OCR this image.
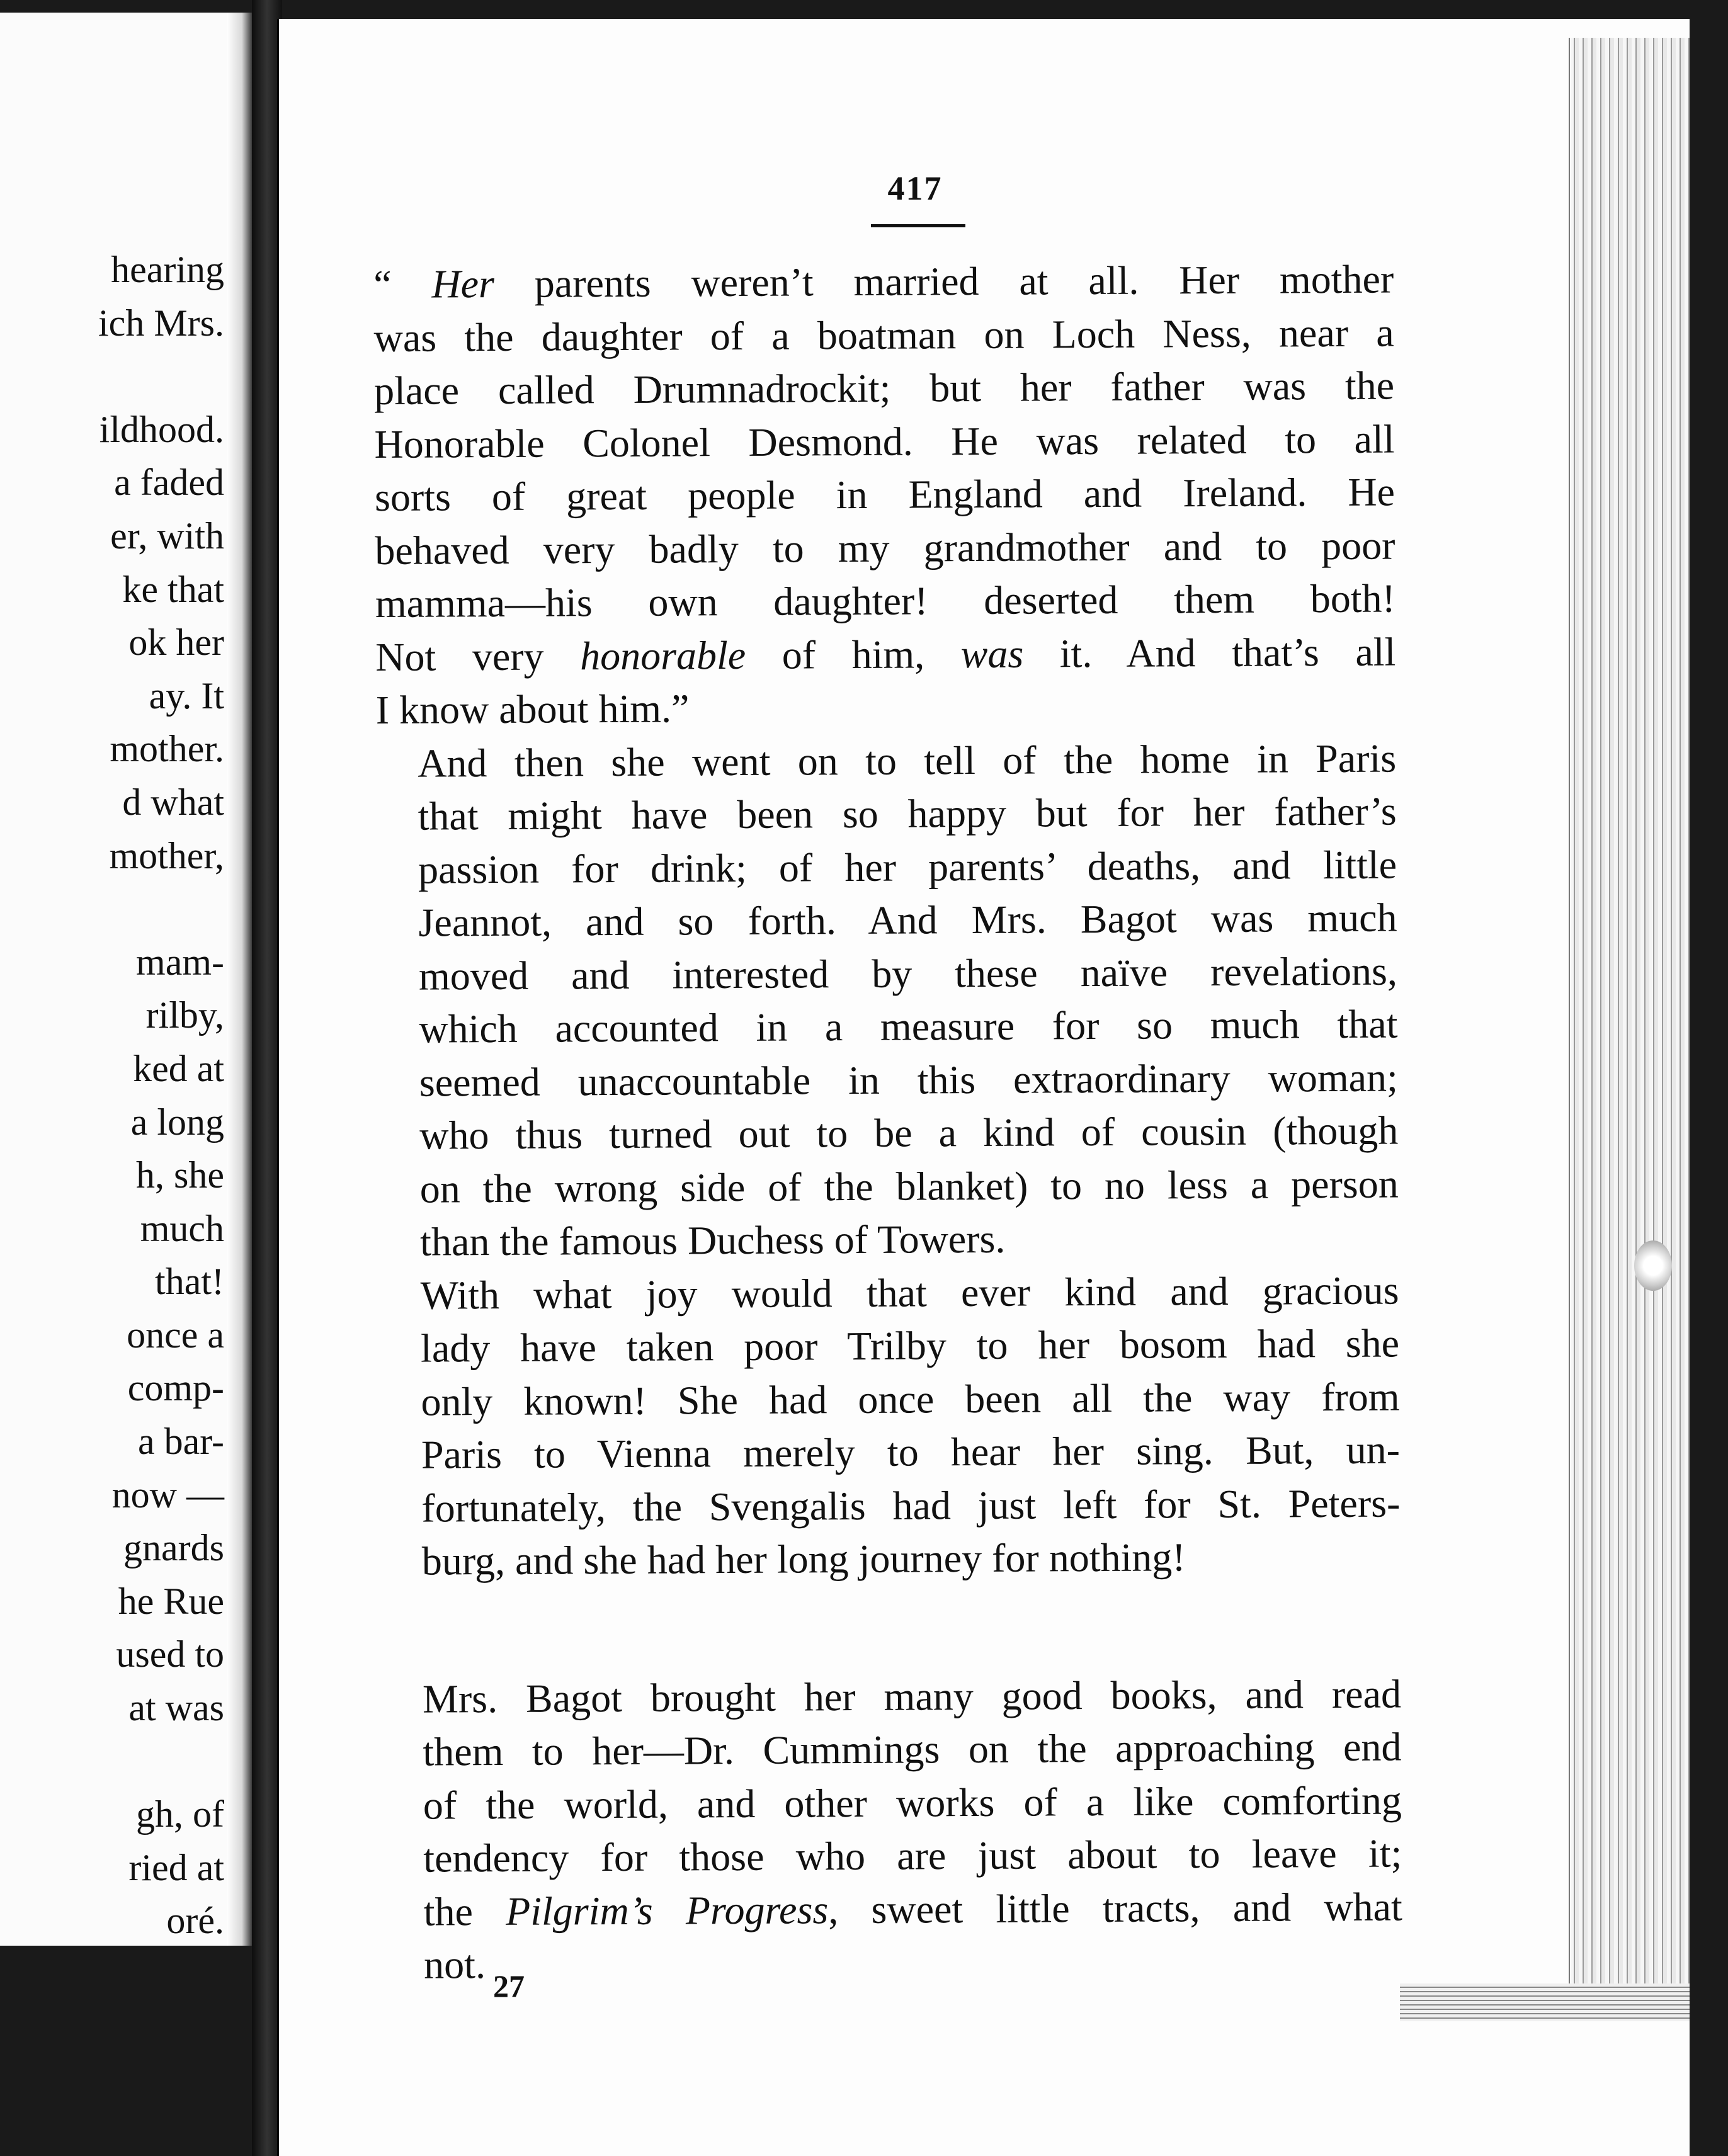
hearing
ich Mrs.
ildhood.
a faded
er, with
ke that
ok her
ay. It
mother.
d what
mother,
mam-
rilby,
ked at
a long
h, she
much
that!
once a
comp-
a bar-
now —
gnards
he Rue
used to
at was
gh, of
ried at
oré.
417

“ Her parents weren’t married at all. Her mother
was the daughter of a boatman on Loch Ness, near a
place called Drumnadrockit; but her father was the
Honorable Colonel Desmond. He was related to all
sorts of great people in England and Ireland. He
behaved very badly to my grandmother and to poor
mamma—his own daughter! deserted them both!
Not very honorable of him, was it. And that’s all
I know about him.”

And then she went on to tell of the home in Paris
that might have been so happy but for her father’s
passion for drink; of her parents’ deaths, and little
Jeannot, and so forth. And Mrs. Bagot was much
moved and interested by these naïve revelations,
which accounted in a measure for so much that
seemed unaccountable in this extraordinary woman;
who thus turned out to be a kind of cousin (though
on the wrong side of the blanket) to no less a person
than the famous Duchess of Towers.

With what joy would that ever kind and gracious
lady have taken poor Trilby to her bosom had she
only known! She had once been all the way from
Paris to Vienna merely to hear her sing. But, un-
fortunately, the Svengalis had just left for St. Peters-
burg, and she had her long journey for nothing!

Mrs. Bagot brought her many good books, and read
them to her—Dr. Cummings on the approaching end
of the world, and other works of a like comforting
tendency for those who are just about to leave it;
the Pilgrim’s Progress, sweet little tracts, and what
not. 27
